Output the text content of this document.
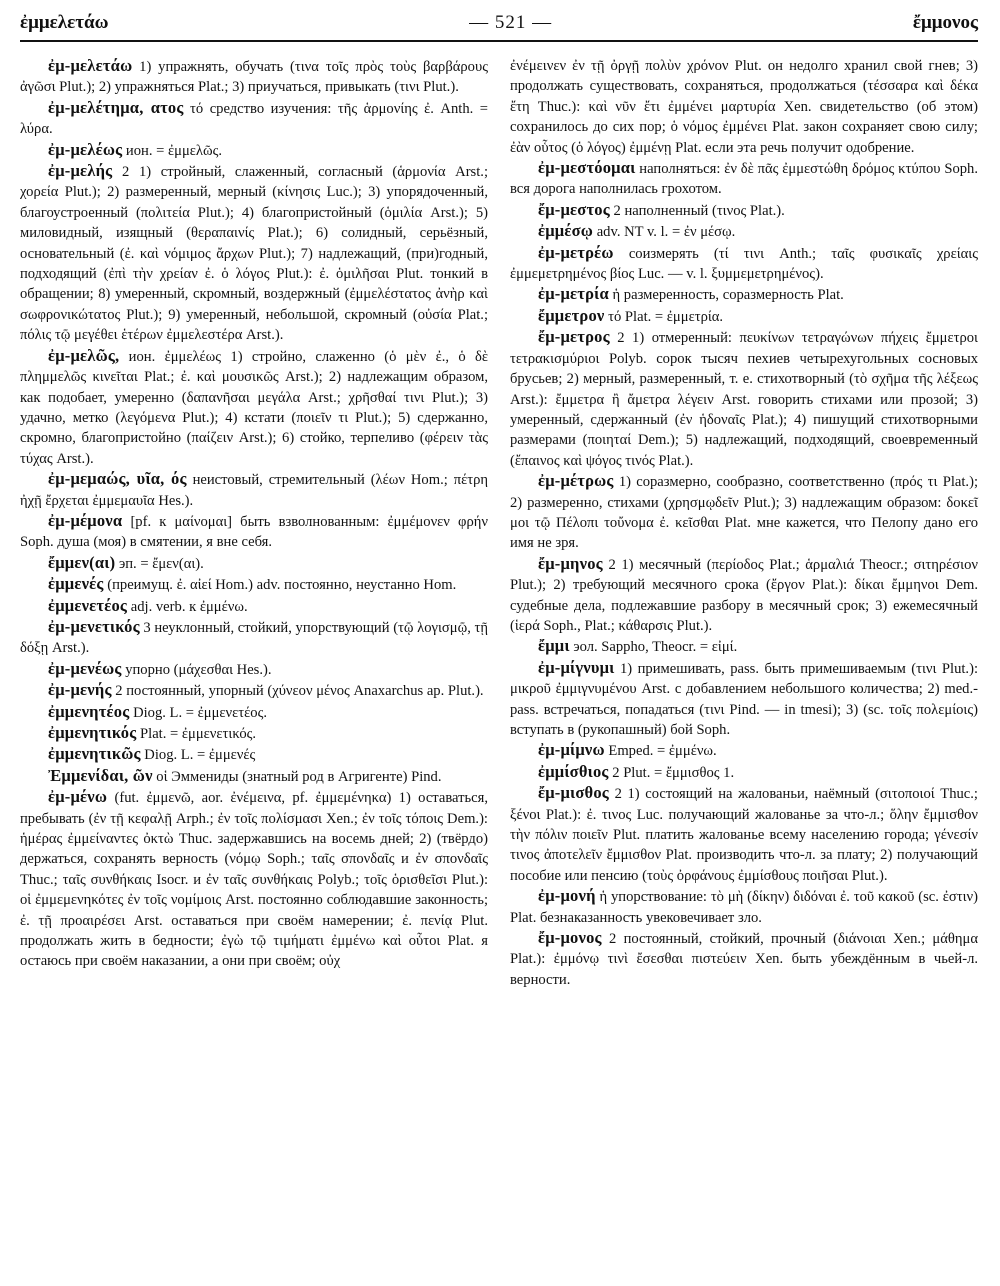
ἐμμελετάω	— 521 —	ἔμμονος

ἐμ-μελετάω 1) упражнять, обучать (τινα τοῖς πρὸς τοὺς βαρβάρους ἀγῶσι Plut.); 2) упражняться Plat.; 3) приучаться, привыкать (τινι Plut.).

ἐμ-μελέτημα, ατος τό средство изучения: τῆς ἁρμονίης ἐ. Anth. = λύρα.

ἐμ-μελέως ион. = ἐμμελῶς.

ἐμ-μελής 2 1) стройный, слаженный, согласный (ἁρμονία Arst.; χορεία Plut.); 2) размеренный, мерный (κίνησις Luc.); 3) упорядоченный, благоустроенный (πολιτεία Plut.); 4) благопристойный (ὁμιλία Arst.); 5) миловидный, изящный (θεραπαινίς Plat.); 6) солидный, серьёзный, основательный (ἐ. καὶ νόμιμος ἄρχων Plut.); 7) надлежащий, (при)годный, подходящий (ἐπὶ τὴν χρείαν ἐ. ὁ λόγος Plut.): ἐ. ὁμιλῆσαι Plut. тонкий в обращении; 8) умеренный, скромный, воздержный (ἐμμελέστατος ἀνὴρ καὶ σωφρονικώτατος Plut.); 9) умеренный, небольшой, скромный (οὐσία Plat.; πόλις τῷ μεγέθει ἑτέρων ἐμμελεστέρα Arst.).

ἐμ-μελῶς, ион. ἐμμελέως 1) стройно, слаженно (ὁ μὲν ἐ., ὁ δὲ πλημμελῶς κινεῖται Plat.; ἐ. καὶ μουσικῶς Arst.); 2) надлежащим образом, как подобает, умеренно (δαπανῆσαι μεγάλα Arst.; χρῆσθαί τινι Plut.); 3) удачно, метко (λεγόμενα Plut.); 4) кстати (ποιεῖν τι Plut.); 5) сдержанно, скромно, благопристойно (παίζειν Arst.); 6) стойко, терпеливо (φέρειν τὰς τύχας Arst.).

ἐμ-μεμαώς, υῖα, ός неистовый, стремительный (λέων Hom.; πέτρη ἠχῇ ἔρχεται ἐμμεμαυῖα Hes.).

ἐμ-μέμονα [pf. к μαίνομαι] быть взволнованным: ἐμμέμονεν φρήν Soph. душа (моя) в смятении, я вне себя.

ἔμμεν(αι) эп. = ἔμεν(αι).

ἐμμενές (преимущ. ἐ. αἰεί Hom.) adv. постоянно, неустанно Hom.

ἐμμενετέος adj. verb. к ἐμμένω.

ἐμ-μενετικός 3 неуклонный, стойкий, упорствующий (τῷ λογισμῷ, τῇ δόξῃ Arst.).

ἐμ-μενέως упорно (μάχεσθαι Hes.).

ἐμ-μενής 2 постоянный, упорный (χύνεον μένος Anaxarchus ap. Plut.).

ἐμμενητέος Diog. L. = ἐμμενετέος.

ἐμμενητικός Plat. = ἐμμενετικός.

ἐμμενητικῶς Diog. L. = ἐμμενές

Ἐμμενίδαι, ῶν οἱ Эммениды (знатный род в Агригенте) Pind.

ἐμ-μένω (fut. ἐμμενῶ, aor. ἐνέμεινα, pf. ἐμμεμένηκα) 1) оставаться, пребывать (ἐν τῇ κεφαλῇ Arph.; ἐν τοῖς πολίσμασι Xen.; ἐν τοῖς τόποις Dem.): ἡμέρας ἐμμείναντες ὀκτὼ Thuc. задержавшись на восемь дней; 2) (твёрдо) держаться, сохранять верность (νόμῳ Soph.; ταῖς σπονδαῖς и ἐν σπονδαῖς Thuc.; ταῖς συνθήκαις Isocr. и ἐν ταῖς συνθήκαις Polyb.; τοῖς ὁρισθεῖσι Plut.): οἱ ἐμμεμενηκότες ἐν τοῖς νομίμοις Arst. постоянно соблюдавшие законность; ἐ. τῇ προαιρέσει Arst. оставаться при своём намерении; ἐ. πενίᾳ Plut. продолжать жить в бедности; ἐγὼ τῷ τιμήματι ἐμμένω καὶ οὗτοι Plat. я остаюсь при своём наказании, а они при своём; οὐχ

ἐνέμεινεν ἐν τῇ ὀργῇ πολὺν χρόνον Plut. он недолго хранил свой гнев; 3) продолжать существовать, сохраняться, продолжаться (τέσσαρα καὶ δέκα ἔτη Thuc.): καὶ νῦν ἔτι ἐμμένει μαρτυρία Xen. свидетельство (об этом) сохранилось до сих пор; ὁ νόμος ἐμμένει Plat. закон сохраняет свою силу; ἐὰν οὗτος (ὁ λόγος) ἐμμένῃ Plat. если эта речь получит одобрение.

ἐμ-μεστόομαι наполняться: ἐν δὲ πᾶς ἐμμεστώθη δρόμος κτύπου Soph. вся дорога наполнилась грохотом.

ἔμ-μεστος 2 наполненный (τινος Plat.).

ἐμμέσῳ adv. NT v. l. = ἐν μέσῳ.

ἐμ-μετρέω соизмерять (τί τινι Anth.; ταῖς φυσικαῖς χρείαις ἐμμεμετρημένος βίος Luc. — v. l. ξυμμεμετρημένος).

ἐμ-μετρία ἡ размеренность, соразмерность Plat.

ἔμμετρον τό Plat. = ἐμμετρία.

ἔμ-μετρος 2 1) отмеренный: πευκίνων τετραγώνων πήχεις ἔμμετροι τετρακισμύριοι Polyb. сорок тысяч пехиев четырехугольных сосновых брусьев; 2) мерный, размеренный, т. е. стихотворный (τὸ σχῆμα τῆς λέξεως Arst.): ἔμμετρα ἢ ἄμετρα λέγειν Arst. говорить стихами или прозой; 3) умеренный, сдержанный (ἐν ἡδοναῖς Plat.); 4) пишущий стихотворными размерами (ποιηταί Dem.); 5) надлежащий, подходящий, своевременный (ἔπαινος καὶ ψόγος τινός Plat.).

ἐμ-μέτρως 1) соразмерно, сообразно, соответственно (πρός τι Plat.); 2) размеренно, стихами (χρησμῳδεῖν Plut.); 3) надлежащим образом: δοκεῖ μοι τῷ Πέλοπι τοὔνομα ἐ. κεῖσθαι Plat. мне кажется, что Пелопу дано его имя не зря.

ἔμ-μηνος 2 1) месячный (περίοδος Plat.; ἁρμαλιά Theocr.; σιτηρέσιον Plut.); 2) требующий месячного срока (ἔργον Plat.): δίκαι ἔμμηνοι Dem. судебные дела, подлежавшие разбору в месячный срок; 3) ежемесячный (ἱερά Soph., Plat.; κάθαρσις Plut.).

ἔμμι эол. Sappho, Theocr. = εἰμί.

ἐμ-μίγνυμι 1) примешивать, pass. быть примешиваемым (τινι Plut.): μικροῦ ἐμμιγνυμένου Arst. с добавлением небольшого количества; 2) med.-pass. встречаться, попадаться (τινι Pind. — in tmesi); 3) (sc. τοῖς πολεμίοις) вступать в (рукопашный) бой Soph.

ἐμ-μίμνω Emped. = ἐμμένω.

ἐμμίσθιος 2 Plut. = ἔμμισθος 1.

ἔμ-μισθος 2 1) состоящий на жалованьи, наёмный (σιτοποιοί Thuc.; ξένοι Plat.): ἐ. τινος Luc. получающий жалованье за что-л.; ὅλην ἔμμισθον τὴν πόλιν ποιεῖν Plut. платить жалованье всему населению города; γένεσίν τινος ἀποτελεῖν ἔμμισθον Plat. производить что-л. за плату; 2) получающий пособие или пенсию (τοὺς ὀρφάνους ἐμμίσθους ποιῆσαι Plut.).

ἐμ-μονή ἡ упорствование: τὸ μὴ (δίκην) διδόναι ἐ. τοῦ κακοῦ (sc. ἐστιν) Plat. безнаказанность увековечивает зло.

ἔμ-μονος 2 постоянный, стойкий, прочный (διάνοιαι Xen.; μάθημα Plat.): ἐμμόνῳ τινὶ ἔσεσθαι πιστεύειν Xen. быть убеждённым в чьей-л. верности.
